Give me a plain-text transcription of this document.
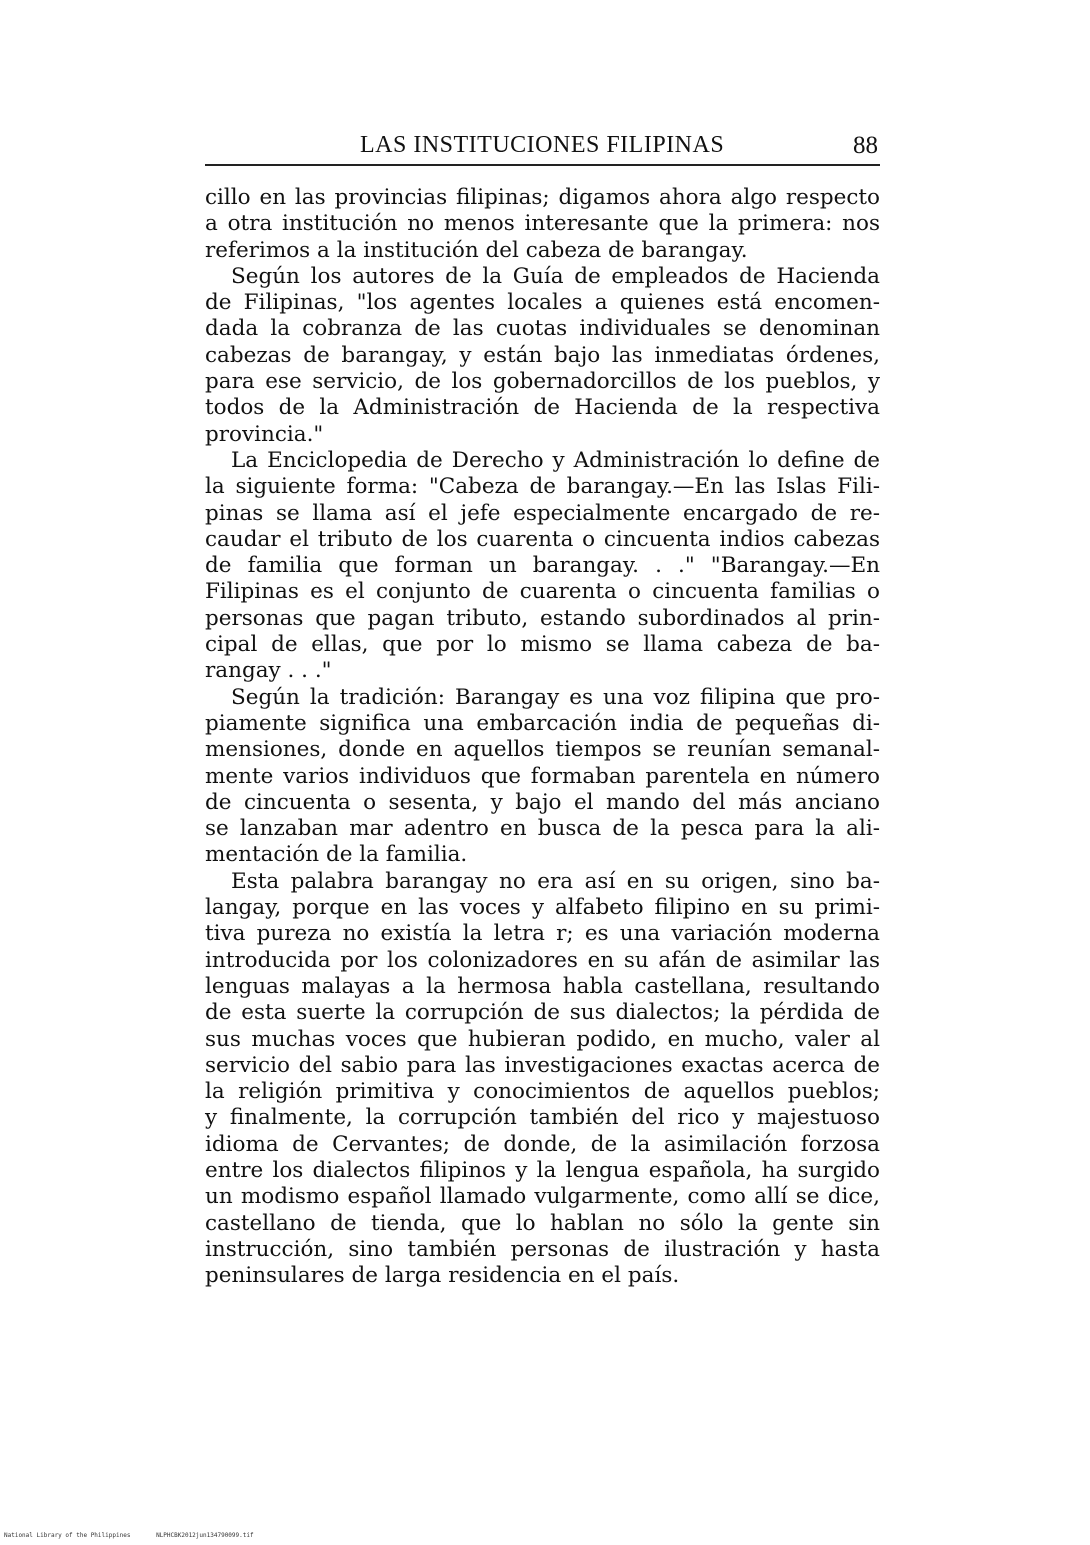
LAS INSTITUCIONES FILIPINAS	88
cillo en las provincias filipinas; digamos ahora algo respecto
a otra institución no menos interesante que la primera: nos
referimos a la institución del cabeza de barangay.
Según los autores de la Guía de empleados de Hacienda
de Filipinas, "los agentes locales a quienes está encomen-
dada la cobranza de las cuotas individuales se denominan
cabezas de barangay, y están bajo las inmediatas órdenes,
para ese servicio, de los gobernadorcillos de los pueblos, y
todos de la Administración de Hacienda de la respectiva
provincia."
La Enciclopedia de Derecho y Administración lo define de
la siguiente forma: "Cabeza de barangay.—En las Islas Fili-
pinas se llama así el jefe especialmente encargado de re-
caudar el tributo de los cuarenta o cincuenta indios cabezas
de familia que forman un barangay. . ." "Barangay.—En
Filipinas es el conjunto de cuarenta o cincuenta familias o
personas que pagan tributo, estando subordinados al prin-
cipal de ellas, que por lo mismo se llama cabeza de ba-
rangay . . ."
Según la tradición: Barangay es una voz filipina que pro-
piamente significa una embarcación india de pequeñas di-
mensiones, donde en aquellos tiempos se reunían semanal-
mente varios individuos que formaban parentela en número
de cincuenta o sesenta, y bajo el mando del más anciano
se lanzaban mar adentro en busca de la pesca para la ali-
mentación de la familia.
Esta palabra barangay no era así en su origen, sino ba-
langay, porque en las voces y alfabeto filipino en su primi-
tiva pureza no existía la letra r; es una variación moderna
introducida por los colonizadores en su afán de asimilar las
lenguas malayas a la hermosa habla castellana, resultando
de esta suerte la corrupción de sus dialectos; la pérdida de
sus muchas voces que hubieran podido, en mucho, valer al
servicio del sabio para las investigaciones exactas acerca de
la religión primitiva y conocimientos de aquellos pueblos;
y finalmente, la corrupción también del rico y majestuoso
idioma de Cervantes; de donde, de la asimilación forzosa
entre los dialectos filipinos y la lengua española, ha surgido
un modismo español llamado vulgarmente, como allí se dice,
castellano de tienda, que lo hablan no sólo la gente sin
instrucción, sino también personas de ilustración y hasta
peninsulares de larga residencia en el país.
National Library of the Philippines	NLPHCBK2012jun134790099.tif
